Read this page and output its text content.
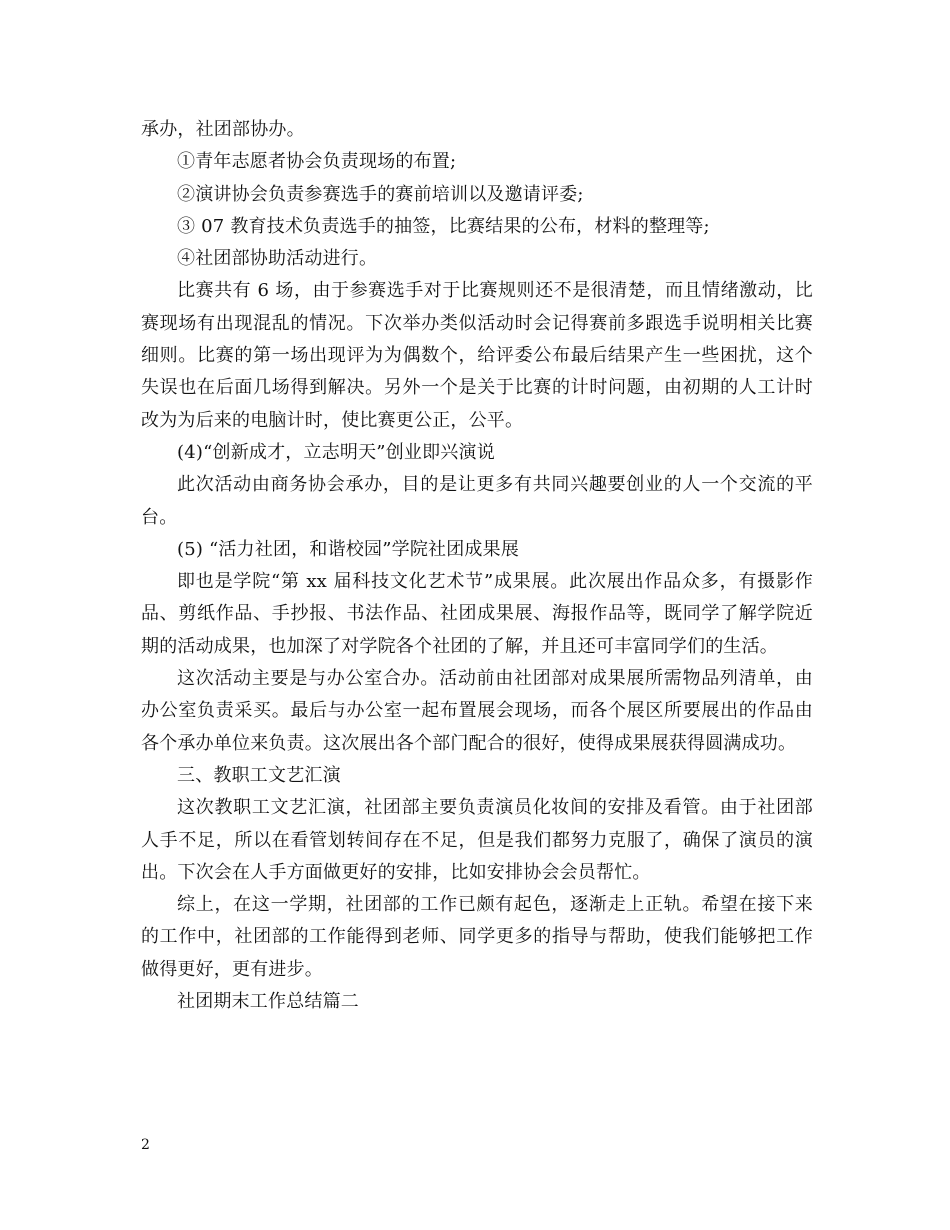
承办，社团部协办。

①青年志愿者协会负责现场的布置;

②演讲协会负责参赛选手的赛前培训以及邀请评委;

③ 07 教育技术负责选手的抽签，比赛结果的公布，材料的整理等;

④社团部协助活动进行。

比赛共有 6 场，由于参赛选手对于比赛规则还不是很清楚，而且情绪激动，比赛现场有出现混乱的情况。下次举办类似活动时会记得赛前多跟选手说明相关比赛细则。比赛的第一场出现评为为偶数个，给评委公布最后结果产生一些困扰，这个失误也在后面几场得到解决。另外一个是关于比赛的计时问题，由初期的人工计时改为为后来的电脑计时，使比赛更公正，公平。

(4)“创新成才，立志明天”创业即兴演说

此次活动由商务协会承办，目的是让更多有共同兴趣要创业的人一个交流的平台。

(5) “活力社团，和谐校园”学院社团成果展

即也是学院“第 xx 届科技文化艺术节”成果展。此次展出作品众多，有摄影作品、剪纸作品、手抄报、书法作品、社团成果展、海报作品等，既同学了解学院近期的活动成果，也加深了对学院各个社团的了解，并且还可丰富同学们的生活。

这次活动主要是与办公室合办。活动前由社团部对成果展所需物品列清单，由办公室负责采买。最后与办公室一起布置展会现场，而各个展区所要展出的作品由各个承办单位来负责。这次展出各个部门配合的很好，使得成果展获得圆满成功。

三、教职工文艺汇演

这次教职工文艺汇演，社团部主要负责演员化妆间的安排及看管。由于社团部人手不足，所以在看管划转间存在不足，但是我们都努力克服了，确保了演员的演出。下次会在人手方面做更好的安排，比如安排协会会员帮忙。

综上，在这一学期，社团部的工作已颇有起色，逐渐走上正轨。希望在接下来的工作中，社团部的工作能得到老师、同学更多的指导与帮助，使我们能够把工作做得更好，更有进步。

社团期末工作总结篇二

2
